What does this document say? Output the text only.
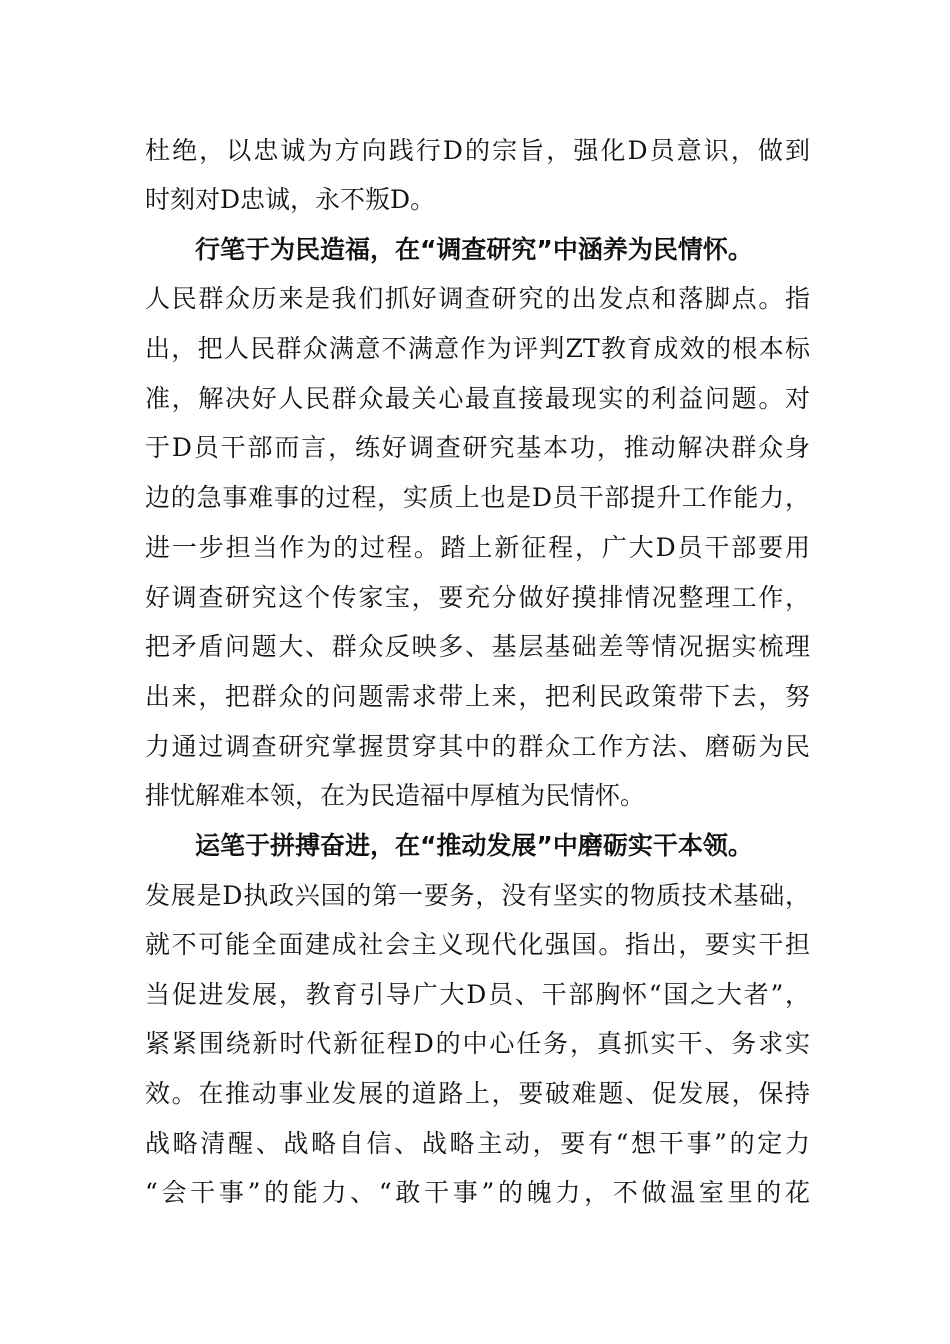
杜绝，以忠诚为方向践行D的宗旨，强化D员意识，做到
时刻对D忠诚，永不叛D。
行笔于为民造福，在“调查研究”中涵养为民情怀。
人民群众历来是我们抓好调查研究的出发点和落脚点。指
出，把人民群众满意不满意作为评判ZT教育成效的根本标
准，解决好人民群众最关心最直接最现实的利益问题。对
于D员干部而言，练好调查研究基本功，推动解决群众身
边的急事难事的过程，实质上也是D员干部提升工作能力，
进一步担当作为的过程。踏上新征程，广大D员干部要用
好调查研究这个传家宝，要充分做好摸排情况整理工作，
把矛盾问题大、群众反映多、基层基础差等情况据实梳理
出来，把群众的问题需求带上来，把利民政策带下去，努
力通过调查研究掌握贯穿其中的群众工作方法、磨砺为民
排忧解难本领，在为民造福中厚植为民情怀。
运笔于拼搏奋进，在“推动发展”中磨砺实干本领。
发展是D执政兴国的第一要务，没有坚实的物质技术基础，
就不可能全面建成社会主义现代化强国。指出，要实干担
当促进发展，教育引导广大D员、干部胸怀“国之大者”，
紧紧围绕新时代新征程D的中心任务，真抓实干、务求实
效。在推动事业发展的道路上，要破难题、促发展，保持
战略清醒、战略自信、战略主动，要有“想干事”的定力
“会干事”的能力、“敢干事”的魄力，不做温室里的花
